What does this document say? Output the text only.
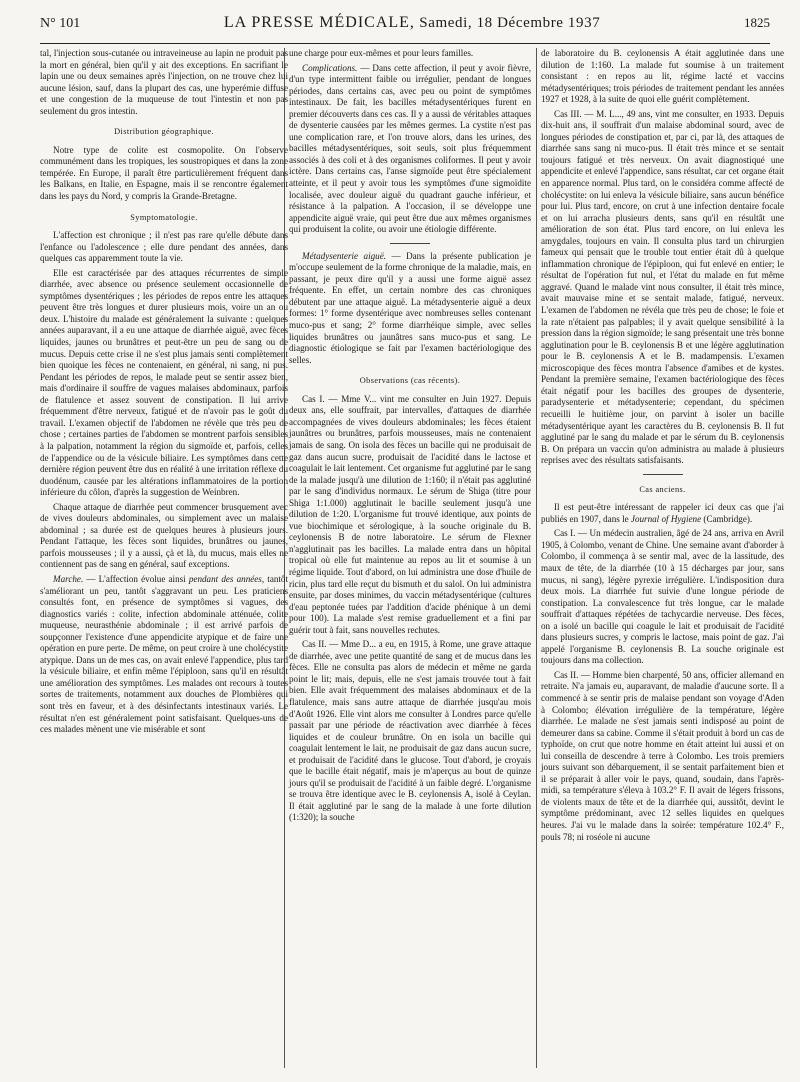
N° 101	LA PRESSE MÉDICALE, Samedi, 18 Décembre 1937	1825

tal, l'injection sous-cutanée ou intraveineuse au lapin ne produit pas la mort en général, bien qu'il y ait des exceptions. En sacrifiant le lapin une ou deux semaines après l'injection, on ne trouve chez lui aucune lésion, sauf, dans la plupart des cas, une hyperémie diffuse et une congestion de la muqueuse de tout l'intestin et non pas seulement du gros intestin.

Distribution géographique.

Notre type de colite est cosmopolite. On l'observe communément dans les tropiques, les soustropiques et dans la zone tempérée. En Europe, il paraît être particulièrement fréquent dans les Balkans, en Italie, en Espagne, mais il se rencontre également dans les pays du Nord, y compris la Grande-Bretagne.

Symptomatologie.

L'affection est chronique ; il n'est pas rare qu'elle débute dans l'enfance ou l'adolescence ; elle dure pendant des années, dans quelques cas apparemment toute la vie.

Elle est caractérisée par des attaques récurrentes de simple diarrhée, avec absence ou présence seulement occasionnelle de symptômes dysentériques ; les périodes de repos entre les attaques peuvent être très longues et durer plusieurs mois, voire un an ou deux. L'histoire du malade est généralement la suivante : quelques années auparavant, il a eu une attaque de diarrhée aiguë, avec fèces liquides, jaunes ou brunâtres et peut-être un peu de sang ou de mucus. Depuis cette crise il ne s'est plus jamais senti complètement bien quoique les fèces ne contenaient, en général, ni sang, ni pus. Pendant les périodes de repos, le malade peut se sentir assez bien, mais d'ordinaire il souffre de vagues malaises abdominaux, parfois de flatulence et assez souvent de constipation. Il lui arrive fréquemment d'être nerveux, fatigué et de n'avoir pas le goût du travail. L'examen objectif de l'abdomen ne révèle que très peu de chose ; certaines parties de l'abdomen se montrent parfois sensibles à la palpation, notamment la région du sigmoïde et, parfois, celles de l'appendice ou de la vésicule biliaire. Les symptômes dans cette dernière région peuvent être dus en réalité à une irritation réflexe du duodénum, causée par les altérations inflammatoires de la portion inférieure du côlon, d'après la suggestion de Weinbren.

Chaque attaque de diarrhée peut commencer brusquement avec de vives douleurs abdominales, ou simplement avec un malaise abdominal ; sa durée est de quelques heures à plusieurs jours. Pendant l'attaque, les fèces sont liquides, brunâtres ou jaunes, parfois mousseuses ; il y a aussi, çà et là, du mucus, mais elles ne contiennent pas de sang en général, sauf exceptions.

Marche. — L'affection évolue ainsi pendant des années, tantôt s'améliorant un peu, tantôt s'aggravant un peu. Les praticiens consultés font, en présence de symptômes si vagues, des diagnostics variés : colite, infection abdominale atténuée, colite muqueuse, neurasthénie abdominale ; il est arrivé parfois de soupçonner l'existence d'une appendicite atypique et de faire une opération en pure perte. De même, on peut croire à une cholécystite atypique. Dans un de mes cas, on avait enlevé l'appendice, plus tard la vésicule biliaire, et enfin même l'épiploon, sans qu'il en résultât une amélioration des symptômes. Les malades ont recours à toutes sortes de traitements, notamment aux douches de Plombières qui sont très en faveur, et à des désinfectants intestinaux variés. Le résultat n'en est généralement point satisfaisant. Quelques-uns de ces malades mènent une vie misérable et sont

une charge pour eux-mêmes et pour leurs familles.

Complications. — Dans cette affection, il peut y avoir fièvre, d'un type intermittent faible ou irrégulier, pendant de longues périodes, dans certains cas, avec peu ou point de symptômes intestinaux. De fait, les bacilles métadysentériques furent en premier découverts dans ces cas. Il y a aussi de véritables attaques de dysenterie causées par les mêmes germes. La cystite n'est pas une complication rare, et l'on trouve alors, dans les urines, des bacilles métadysentériques, soit seuls, soit plus fréquemment associés à des coli et à des organismes coliformes. Il peut y avoir ictère. Dans certains cas, l'anse sigmoïde peut être spécialement atteinte, et il peut y avoir tous les symptômes d'une sigmoïdite localisée, avec douleur aiguë du quadrant gauche inférieur, et résistance à la palpation. A l'occasion, il se développe une appendicite aiguë vraie, qui peut être due aux mêmes organismes qui produisent la colite, ou avoir une étiologie différente.

Métadysenterie aiguë. — Dans la présente publication je m'occupe seulement de la forme chronique de la maladie, mais, en passant, je peux dire qu'il y a aussi une forme aiguë assez fréquente. En effet, un certain nombre des cas chroniques débutent par une attaque aiguë. La métadysenterie aiguë a deux formes: 1° forme dysentérique avec nombreuses selles contenant muco-pus et sang; 2° forme diarrhéique simple, avec selles liquides brunâtres ou jaunâtres sans muco-pus et sang. Le diagnostic étiologique se fait par l'examen bactériologique des selles.

Observations (cas récents).

Cas I. — Mme V... vint me consulter en Juin 1927. Depuis deux ans, elle souffrait, par intervalles, d'attaques de diarrhée accompagnées de vives douleurs abdominales; les fèces étaient jaunâtres ou brunâtres, parfois mousseuses, mais ne contenaient jamais de sang. On isola des fèces un bacille qui ne produisait de gaz dans aucun sucre, produisait de l'acidité dans le lactose et coagulait le lait lentement. Cet organisme fut agglutiné par le sang de la malade jusqu'à une dilution de 1:160; il n'était pas agglutiné par le sang d'individus normaux. Le sérum de Shiga (titre pour Shiga 1:1.000) agglutinait le bacille seulement jusqu'à une dilution de 1:20. L'organisme fut trouvé identique, aux points de vue biochimique et sérologique, à la souche originale du B. ceylonensis B de notre laboratoire. Le sérum de Flexner n'agglutinait pas les bacilles. La malade entra dans un hôpital tropical où elle fut maintenue au repos au lit et soumise à un régime liquide. Tout d'abord, on lui administra une dose d'huile de ricin, plus tard elle reçut du bismuth et du salol. On lui administra ensuite, par doses minimes, du vaccin métadysentérique (cultures d'eau peptonée tuées par l'addition d'acide phénique à un demi pour 100). La malade s'est remise graduellement et a fini par guérir tout à fait, sans nouvelles rechutes.

Cas II. — Mme D... a eu, en 1915, à Rome, une grave attaque de diarrhée, avec une petite quantité de sang et de mucus dans les fèces. Elle ne consulta pas alors de médecin et même ne garda point le lit; mais, depuis, elle ne s'est jamais trouvée tout à fait bien. Elle avait fréquemment des malaises abdominaux et de la flatulence, mais sans autre attaque de diarrhée jusqu'au mois d'Août 1926. Elle vint alors me consulter à Londres parce qu'elle passait par une période de réactivation avec diarrhée à fèces liquides et de couleur brunâtre. On en isola un bacille qui coagulait lentement le lait, ne produisait de gaz dans aucun sucre, et produisait de l'acidité dans le glucose. Tout d'abord, je croyais que le bacille était négatif, mais je m'aperçus au bout de quinze jours qu'il se produisait de l'acidité à un faible degré. L'organisme se trouva être identique avec le B. ceylonensis A, isolé à Ceylan. Il était agglutiné par le sang de la malade à une forte dilution (1:320); la souche

de laboratoire du B. ceylonensis A était agglutinée dans une dilution de 1:160. La malade fut soumise à un traitement consistant : en repos au lit, régime lacté et vaccins métadysentériques; trois périodes de traitement pendant les années 1927 et 1928, à la suite de quoi elle guérit complètement.

Cas III. — M. L..., 49 ans, vint me consulter, en 1933. Depuis dix-huit ans, il souffrait d'un malaise abdominal sourd, avec de longues périodes de constipation et, par ci, par là, des attaques de diarrhée sans sang ni muco-pus. Il était très mince et se sentait toujours fatigué et très nerveux. On avait diagnostiqué une appendicite et enlevé l'appendice, sans résultat, car cet organe était en apparence normal. Plus tard, on le considéra comme affecté de cholécystite: on lui enleva la vésicule biliaire, sans aucun bénéfice pour lui. Plus tard, encore, on crut à une infection dentaire focale et on lui arracha plusieurs dents, sans qu'il en résultât une amélioration de son état. Plus tard encore, on lui enleva les amygdales, toujours en vain. Il consulta plus tard un chirurgien fameux qui pensait que le trouble tout entier était dû à quelque inflammation chronique de l'épiploon, qui fut enlevé en entier; le résultat de l'opération fut nul, et l'état du malade en fut même aggravé. Quand le malade vint nous consulter, il était très mince, avait mauvaise mine et se sentait malade, fatigué, nerveux. L'examen de l'abdomen ne révéla que très peu de chose; le foie et la rate n'étaient pas palpables; il y avait quelque sensibilité à la pression dans la région sigmoïde; le sang présentait une très bonne agglutination pour le B. ceylonensis B et une légère agglutination pour le B. ceylonensis A et le B. madampensis. L'examen microscopique des fèces montra l'absence d'amibes et de kystes. Pendant la première semaine, l'examen bactériologique des fèces était négatif pour les bacilles des groupes de dysenterie, paradysenterie et métadysenterie; cependant, du spécimen recueilli le huitième jour, on parvint à isoler un bacille métadysentérique ayant les caractères du B. ceylonensis B. Il fut agglutiné par le sang du malade et par le sérum du B. ceylonensis B. On prépara un vaccin qu'on administra au malade à plusieurs reprises avec des résultats satisfaisants.

Cas anciens.

Il est peut-être intéressant de rappeler ici deux cas que j'ai publiés en 1907, dans le Journal of Hygiene (Cambridge).

Cas I. — Un médecin australien, âgé de 24 ans, arriva en Avril 1905, à Colombo, venant de Chine. Une semaine avant d'aborder à Colombo, il commença à se sentir mal, avec de la lassitude, des maux de tête, de la diarrhée (10 à 15 décharges par jour, sans mucus, ni sang), légère pyrexie irrégulière. L'indisposition dura deux mois. La diarrhée fut suivie d'une longue période de constipation. La convalescence fut très longue, car le malade souffrait d'attaques répétées de tachycardie nerveuse. Des fèces, on a isolé un bacille qui coagule le lait et produisait de l'acidité dans plusieurs sucres, y compris le lactose, mais point de gaz. J'ai appelé l'organisme B. ceylonensis B. La souche originale est toujours dans ma collection.

Cas II. — Homme bien charpenté, 50 ans, officier allemand en retraite. N'a jamais eu, auparavant, de maladie d'aucune sorte. Il a commencé à se sentir pris de malaise pendant son voyage d'Aden à Colombo; élévation irrégulière de la température, légère diarrhée. Le malade ne s'est jamais senti indisposé au point de demeurer dans sa cabine. Comme il s'était produit à bord un cas de typhoïde, on crut que notre homme en était atteint lui aussi et on lui conseilla de descendre à terre à Colombo. Les trois premiers jours suivant son débarquement, il se sentait parfaitement bien et il se préparait à aller voir le pays, quand, soudain, dans l'après-midi, sa température s'éleva à 103.2° F. Il avait de légers frissons, de violents maux de tête et de la diarrhée qui, aussitôt, devint le symptôme prédominant, avec 12 selles liquides en quelques heures. J'ai vu le malade dans la soirée: température 102.4° F., pouls 78; ni roséole ni aucune
